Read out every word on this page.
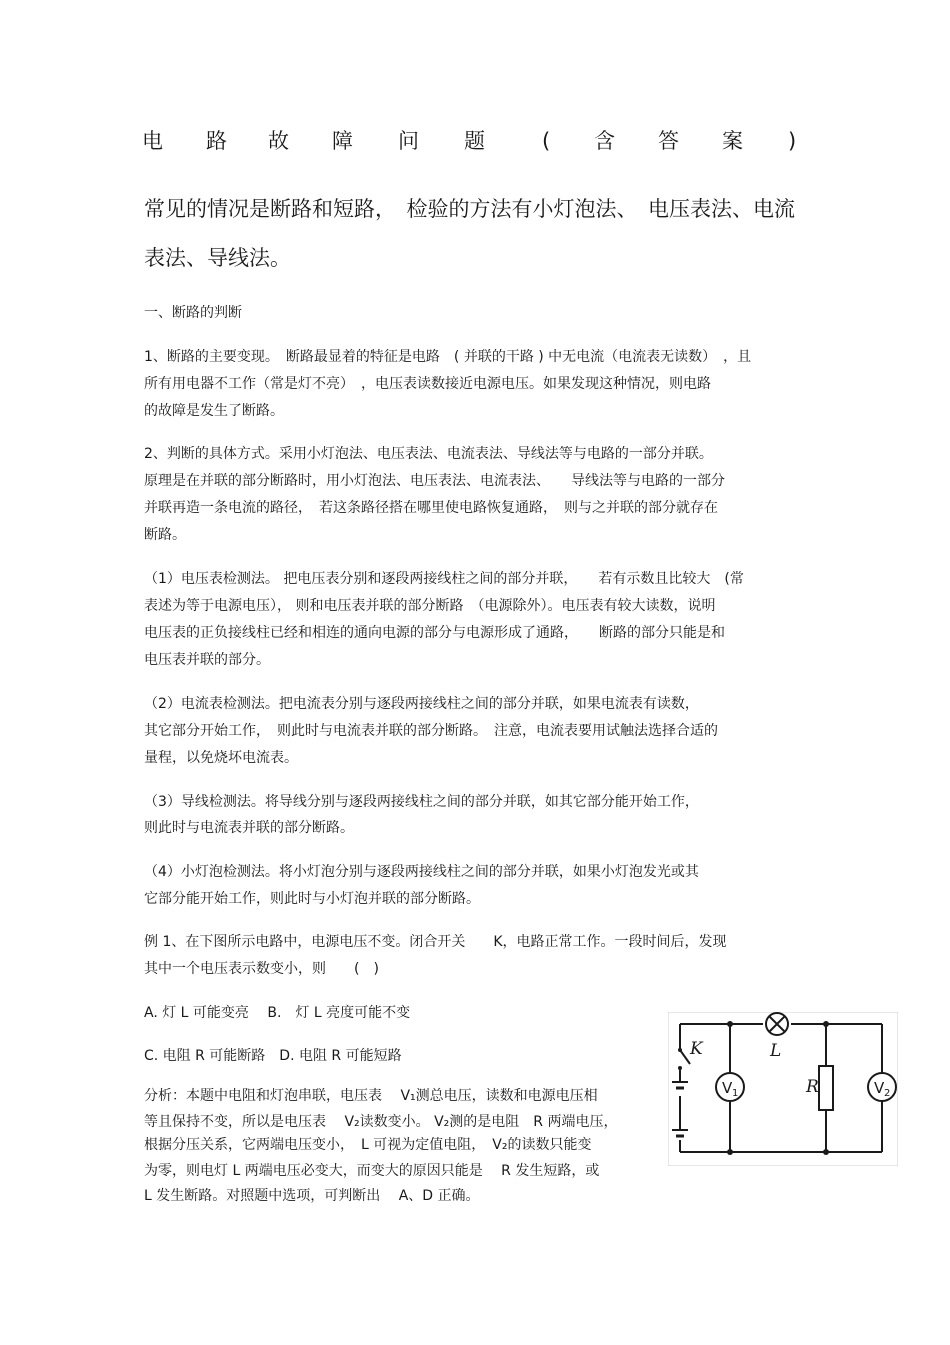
电 路 故 障 问 题	( 含 答 案 )
常见的情况是断路和短路，　检验的方法有小灯泡法、　电压表法、电流
表法、导线法。
一、断路的判断
1、断路的主要变现。　断路最显着的特征是电路　( 并联的干路 ) 中无电流（电流表无读数）　，且
所有用电器不工作（常是灯不亮）　，电压表读数接近电源电压。如果发现这种情况，则电路
的故障是发生了断路。
2、判断的具体方式。采用小灯泡法、电压表法、电流表法、导线法等与电路的一部分并联。
原理是在并联的部分断路时，用小灯泡法、电压表法、电流表法、　　导线法等与电路的一部分
并联再造一条电流的路径，　若这条路径搭在哪里使电路恢复通路，　则与之并联的部分就存在
断路。
（1）电压表检测法。 把电压表分别和逐段两接线柱之间的部分并联，　　若有示数且比较大　(常
表述为等于电源电压）， 则和电压表并联的部分断路　（电源除外）。电压表有较大读数，说明
电压表的正负接线柱已经和相连的通向电源的部分与电源形成了通路，　　断路的部分只能是和
电压表并联的部分。
（2）电流表检测法。把电流表分别与逐段两接线柱之间的部分并联，如果电流表有读数，
其它部分开始工作，　则此时与电流表并联的部分断路。　注意，电流表要用试触法选择合适的
量程，以免烧坏电流表。
（3）导线检测法。将导线分别与逐段两接线柱之间的部分并联，如其它部分能开始工作，
则此时与电流表并联的部分断路。
（4）小灯泡检测法。将小灯泡分别与逐段两接线柱之间的部分并联，如果小灯泡发光或其
它部分能开始工作，则此时与小灯泡并联的部分断路。
例 1、在下图所示电路中，电源电压不变。闭合开关　　K，电路正常工作。一段时间后，发现
其中一个电压表示数变小，则　　(　)
A. 灯 L 可能变亮　 B.　灯 L 亮度可能不变
C. 电阻 R 可能断路　D. 电阻 R 可能短路
分析：本题中电阻和灯泡串联，电压表　 V₁测总电压，读数和电源电压相
等且保持不变，所以是电压表　 V₂读数变小。 V₂测的是电阻　R 两端电压，
根据分压关系，它两端电压变小，　L 可视为定值电阻，　V₂的读数只能变
为零，则电灯 L 两端电压必变大，而变大的原因只能是　 R 发生短路，或
L 发生断路。对照题中选项，可判断出　 A、D 正确。
K	L
R
V 1	V 2
